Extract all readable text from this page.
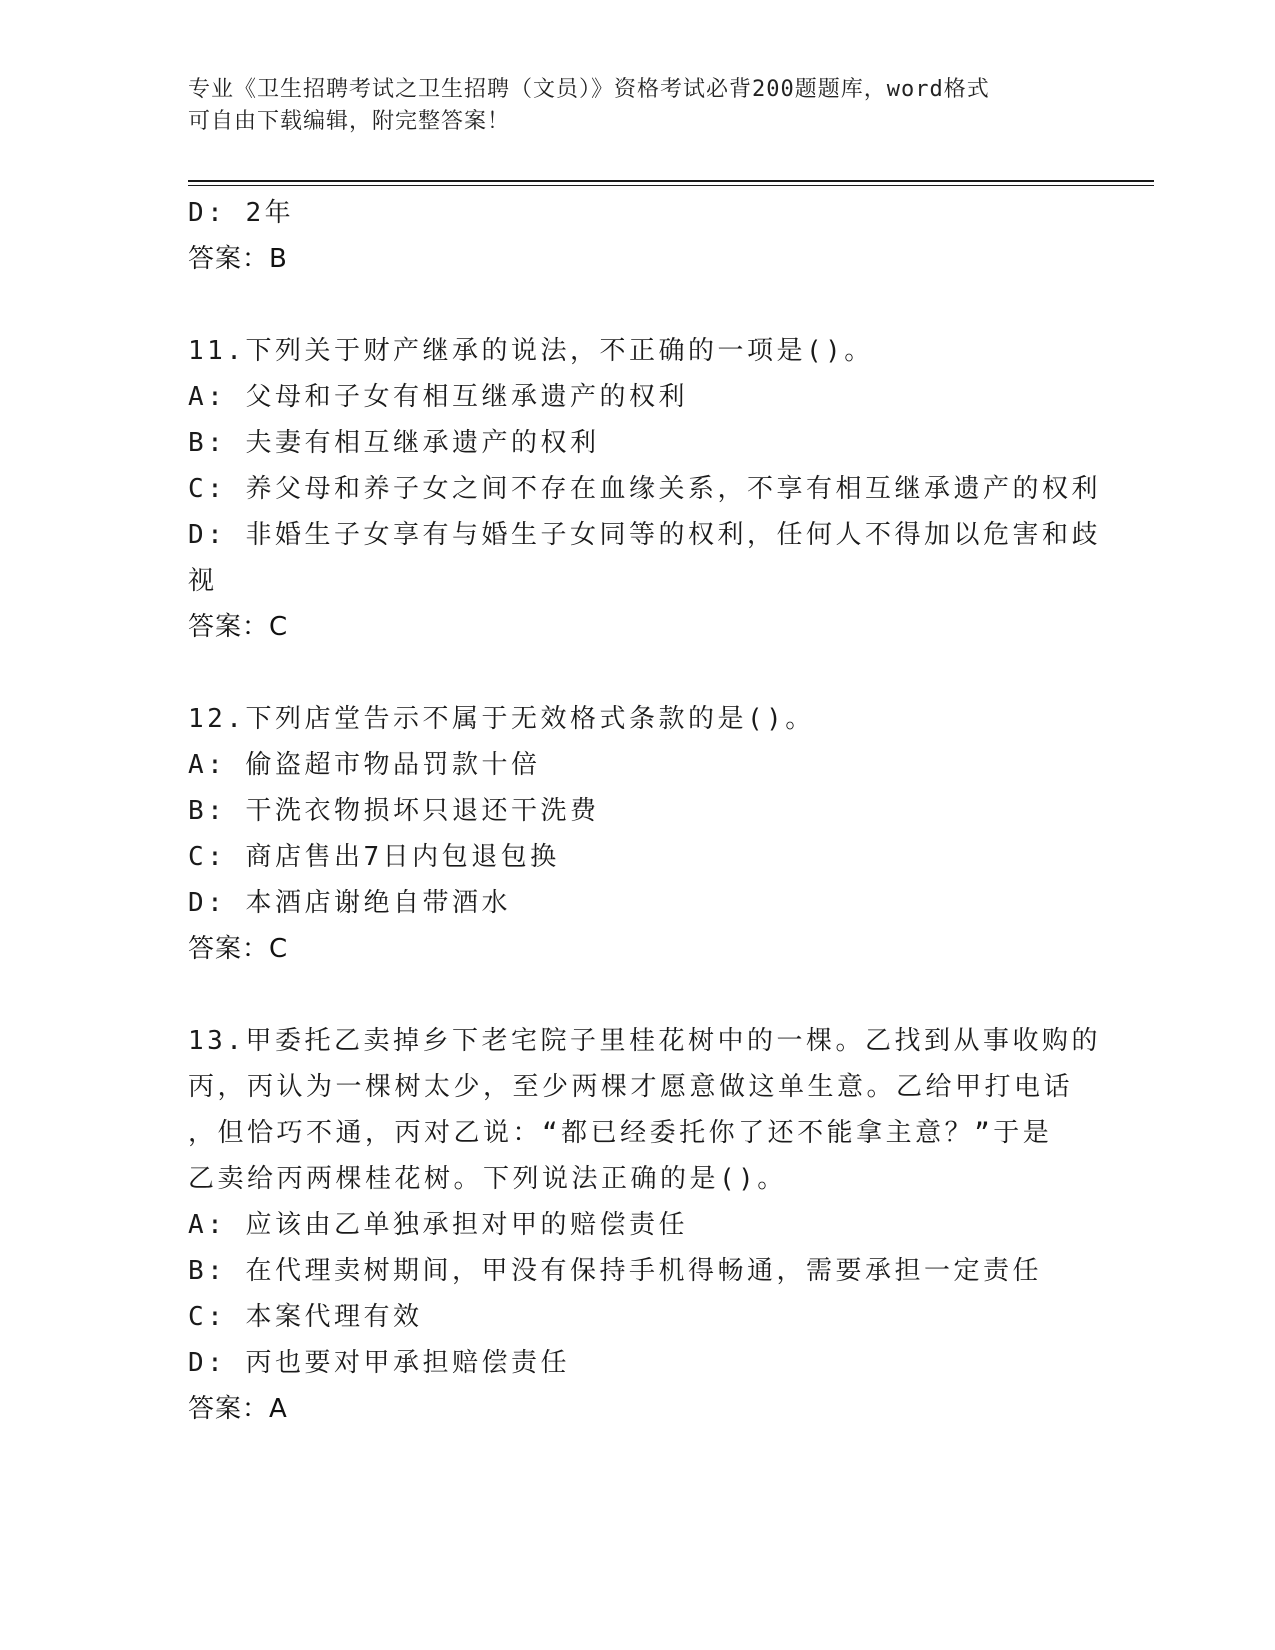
专业《卫生招聘考试之卫生招聘（文员）》资格考试必背200题题库，word格式
可自由下载编辑，附完整答案！
D: 2年
答案：B
11.下列关于财产继承的说法，不正确的一项是()。
A: 父母和子女有相互继承遗产的权利
B: 夫妻有相互继承遗产的权利
C: 养父母和养子女之间不存在血缘关系，不享有相互继承遗产的权利
D: 非婚生子女享有与婚生子女同等的权利，任何人不得加以危害和歧
视
答案：C
12.下列店堂告示不属于无效格式条款的是()。
A: 偷盗超市物品罚款十倍
B: 干洗衣物损坏只退还干洗费
C: 商店售出7日内包退包换
D: 本酒店谢绝自带酒水
答案：C
13.甲委托乙卖掉乡下老宅院子里桂花树中的一棵。乙找到从事收购的
丙，丙认为一棵树太少，至少两棵才愿意做这单生意。乙给甲打电话
，但恰巧不通，丙对乙说：“都已经委托你了还不能拿主意？”于是
乙卖给丙两棵桂花树。下列说法正确的是()。
A: 应该由乙单独承担对甲的赔偿责任
B: 在代理卖树期间，甲没有保持手机得畅通，需要承担一定责任
C: 本案代理有效
D: 丙也要对甲承担赔偿责任
答案：A
